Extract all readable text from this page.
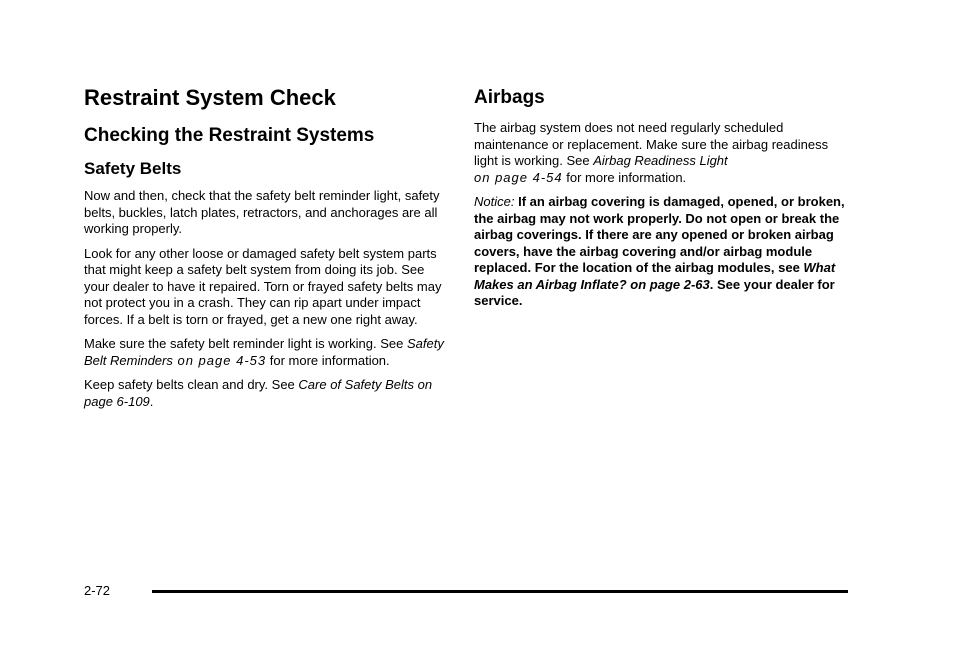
Restraint System Check
Checking the Restraint Systems
Safety Belts

Now and then, check that the safety belt reminder light, safety belts, buckles, latch plates, retractors, and anchorages are all working properly.

Look for any other loose or damaged safety belt system parts that might keep a safety belt system from doing its job. See your dealer to have it repaired. Torn or frayed safety belts may not protect you in a crash. They can rip apart under impact forces. If a belt is torn or frayed, get a new one right away.

Make sure the safety belt reminder light is working. See Safety Belt Reminders on page 4‑53 for more information.

Keep safety belts clean and dry. See Care of Safety Belts on page 6‑109.

Airbags

The airbag system does not need regularly scheduled maintenance or replacement. Make sure the airbag readiness light is working. See Airbag Readiness Light
on page 4‑54 for more information.

Notice: If an airbag covering is damaged, opened, or broken, the airbag may not work properly. Do not open or break the airbag coverings. If there are any opened or broken airbag covers, have the airbag covering and/or airbag module replaced. For the location of the airbag modules, see What Makes an Airbag Inflate? on page 2‑63. See your dealer for service.

2-72
